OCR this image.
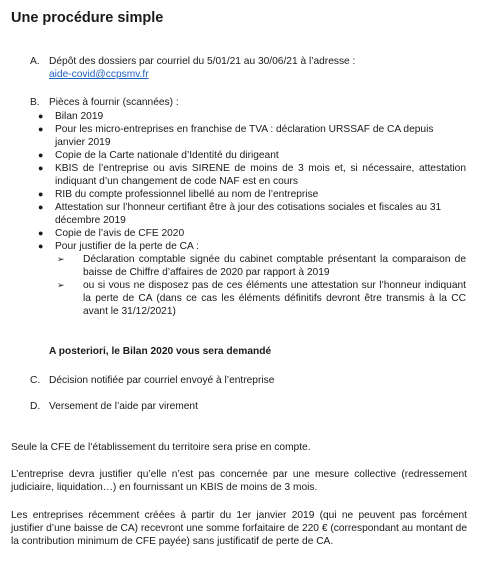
Une procédure simple
A. Dépôt des dossiers par courriel du 5/01/21 au 30/06/21 à l’adresse :
aide-covid@ccpsmv.fr
B. Pièces à fournir (scannées) :
● Bilan 2019
● Pour les micro-entreprises en franchise de TVA : déclaration URSSAF de CA depuis janvier 2019
● Copie de la Carte nationale d’Identité du dirigeant
● KBIS de l’entreprise ou avis SIRENE de moins de 3 mois et, si nécessaire, attestation indiquant d’un changement de code NAF est en cours
● RIB du compte professionnel libellé au nom de l’entreprise
● Attestation sur l’honneur certifiant être à jour des cotisations sociales et fiscales au 31 décembre 2019
● Copie de l’avis de CFE 2020
● Pour justifier de la perte de CA :
➢ Déclaration comptable signée du cabinet comptable présentant la comparaison de baisse de Chiffre d’affaires de 2020 par rapport à 2019
➢ ou si vous ne disposez pas de ces éléments une attestation sur l’honneur indiquant la perte de CA (dans ce cas les éléments définitifs devront être transmis à la CC avant le 31/12/2021)
A posteriori, le Bilan 2020 vous sera demandé
C. Décision notifiée par courriel envoyé à l’entreprise
D. Versement de l’aide par virement
Seule la CFE de l’établissement du territoire sera prise en compte.
L’entreprise devra justifier qu’elle n’est pas concernée par une mesure collective (redressement judiciaire, liquidation…) en fournissant un KBIS de moins de 3 mois.
Les entreprises récemment créées à partir du 1er janvier 2019 (qui ne peuvent pas forcément justifier d’une baisse de CA) recevront une somme forfaitaire de 220 € (correspondant au montant de la contribution minimum de CFE payée) sans justificatif de perte de CA.
